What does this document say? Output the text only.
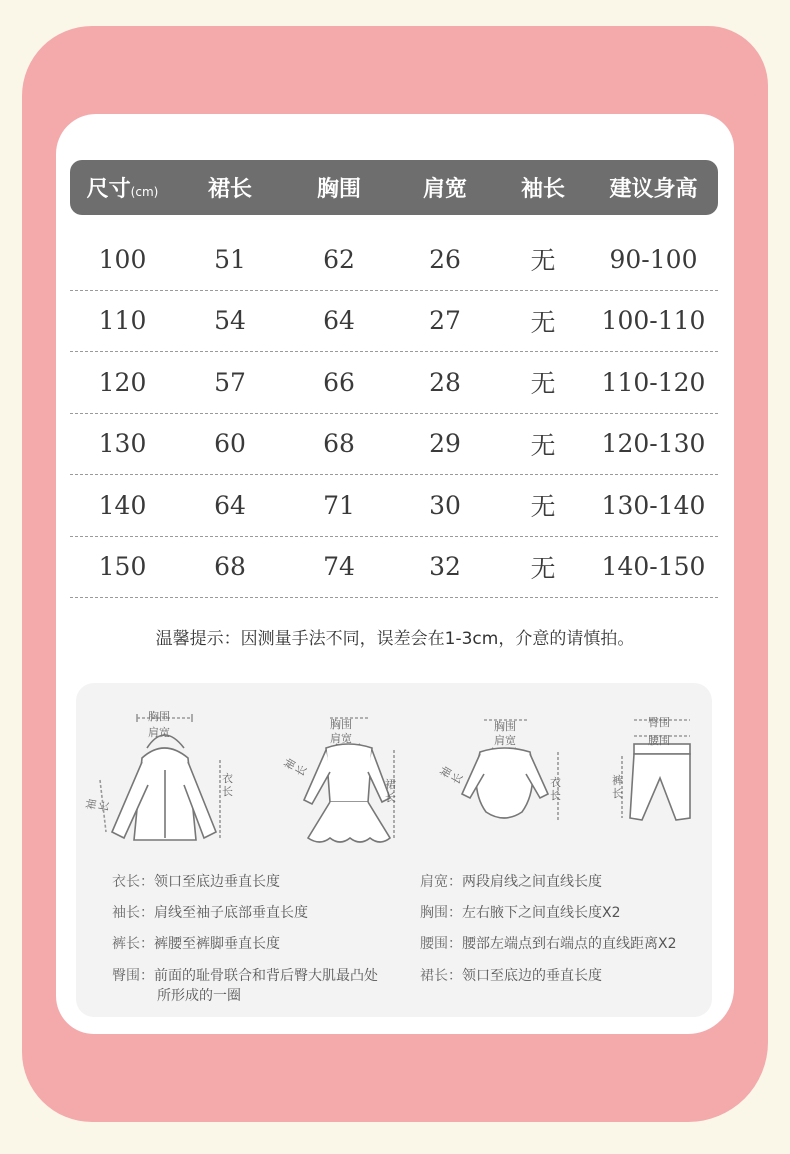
尺寸(cm)	裙长	胸围	肩宽	袖长	建议身高
100	51	62	26	无	90-100
110	54	64	27	无	100-110
120	57	66	28	无	110-120
130	60	68	29	无	120-130
140	64	71	30	无	130-140
150	68	74	32	无	140-150
温馨提示：因测量手法不同，误差会在1-3cm，介意的请慎拍。
胸围
肩宽
衣长
袖长
胸围
肩宽
裙长
袖长
胸围
肩宽
衣长
袖长
臀围
腰围
裤长
衣长：领口至底边垂直长度
袖长：肩线至袖子底部垂直长度
裤长：裤腰至裤脚垂直长度
臀围：前面的耻骨联合和背后臀大肌最凸处
所形成的一圈
肩宽：两段肩线之间直线长度
胸围：左右腋下之间直线长度X2
腰围：腰部左端点到右端点的直线距离X2
裙长：领口至底边的垂直长度
